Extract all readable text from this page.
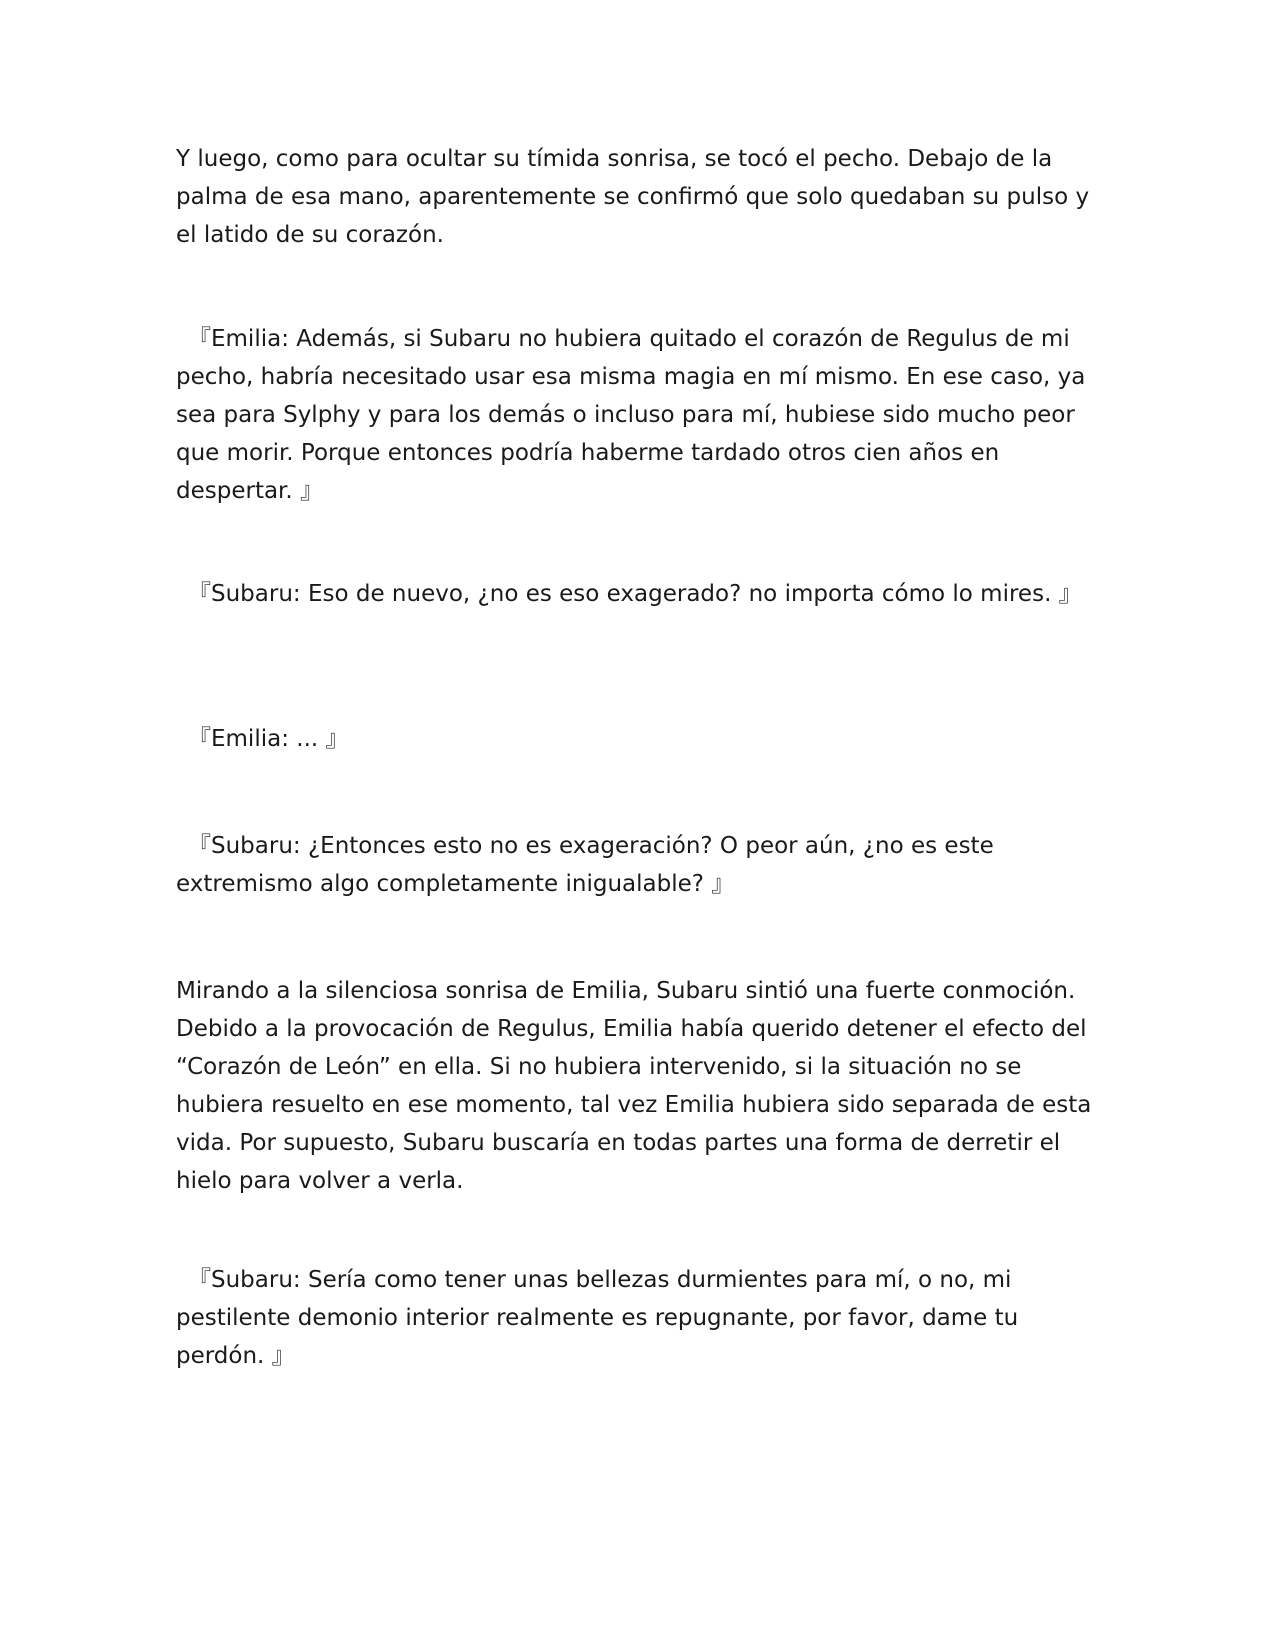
Y luego, como para ocultar su tímida sonrisa, se tocó el pecho. Debajo de la palma de esa mano, aparentemente se confirmó que solo quedaban su pulso y el latido de su corazón.

『Emilia: Además, si Subaru no hubiera quitado el corazón de Regulus de mi pecho, habría necesitado usar esa misma magia en mí mismo. En ese caso, ya sea para Sylphy y para los demás o incluso para mí, hubiese sido mucho peor que morir. Porque entonces podría haberme tardado otros cien años en despertar. 』

『Subaru: Eso de nuevo, ¿no es eso exagerado? no importa cómo lo mires. 』

『Emilia: ... 』

『Subaru: ¿Entonces esto no es exageración? O peor aún, ¿no es este extremismo algo completamente inigualable? 』

Mirando a la silenciosa sonrisa de Emilia, Subaru sintió una fuerte conmoción. Debido a la provocación de Regulus, Emilia había querido detener el efecto del “Corazón de León” en ella. Si no hubiera intervenido, si la situación no se hubiera resuelto en ese momento, tal vez Emilia hubiera sido separada de esta vida. Por supuesto, Subaru buscaría en todas partes una forma de derretir el hielo para volver a verla.

『Subaru: Sería como tener unas bellezas durmientes para mí, o no, mi pestilente demonio interior realmente es repugnante, por favor, dame tu perdón. 』
